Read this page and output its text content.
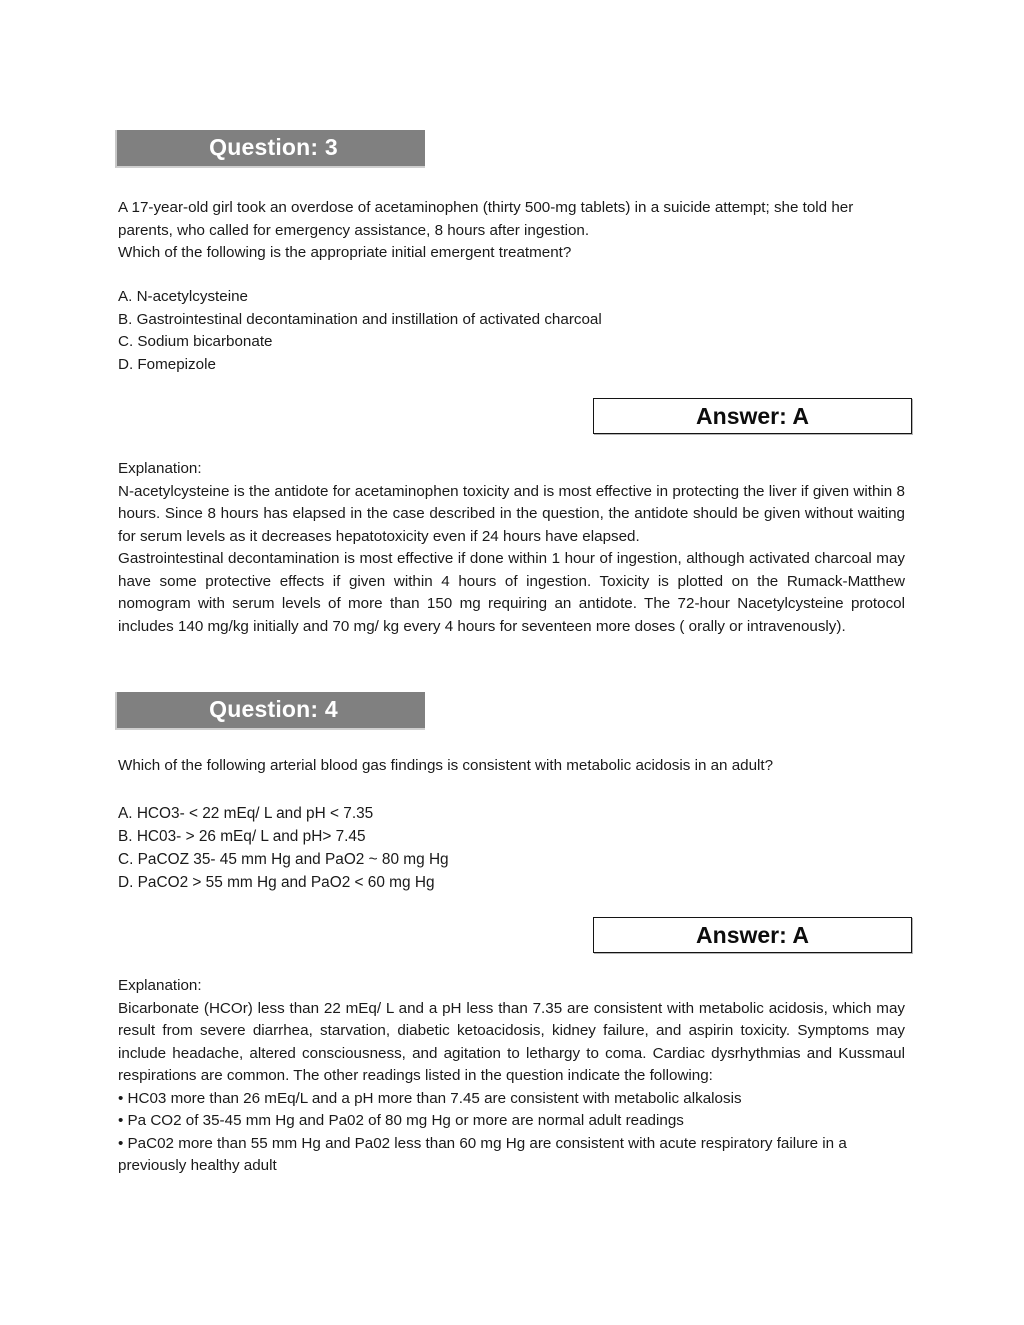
Question: 3

A 17-year-old girl took an overdose of acetaminophen (thirty 500-mg tablets) in a suicide attempt; she told her parents, who called for emergency assistance, 8 hours after ingestion.

Which of the following is the appropriate initial emergent treatment?

A. N-acetylcysteine

B. Gastrointestinal decontamination and instillation of activated charcoal

C. Sodium bicarbonate

D. Fomepizole

Answer: A

Explanation:

N-acetylcysteine is the antidote for acetaminophen toxicity and is most effective in protecting the liver if given within 8 hours. Since 8 hours has elapsed in the case described in the question, the antidote should be given without waiting for serum levels as it decreases hepatotoxicity even if 24 hours have elapsed.

Gastrointestinal decontamination is most effective if done within 1 hour of ingestion, although activated charcoal may have some protective effects if given within 4 hours of ingestion. Toxicity is plotted on the Rumack-Matthew nomogram with serum levels of more than 150 mg requiring an antidote. The 72-hour Nacetylcysteine protocol includes 140 mg/kg initially and 70 mg/ kg every 4 hours for seventeen more doses ( orally or intravenously).

Question: 4

Which of the following arterial blood gas findings is consistent with metabolic acidosis in an adult?

A. HCO3- < 22 mEq/ L and pH < 7.35

B. HC03- > 26 mEq/ L and pH> 7.45

C. PaCOZ 35- 45 mm Hg and PaO2 ~ 80 mg Hg

D. PaCO2 > 55 mm Hg and PaO2 < 60 mg Hg

Answer: A

Explanation:

Bicarbonate (HCOr) less than 22 mEq/ L and a pH less than 7.35 are consistent with metabolic acidosis, which may result from severe diarrhea, starvation, diabetic ketoacidosis, kidney failure, and aspirin toxicity. Symptoms may include headache, altered consciousness, and agitation to lethargy to coma. Cardiac dysrhythmias and Kussmaul respirations are common. The other readings listed in the question indicate the following:

• HC03 more than 26 mEq/L and a pH more than 7.45 are consistent with metabolic alkalosis

• Pa CO2 of 35-45 mm Hg and Pa02 of 80 mg Hg or more are normal adult readings

• PaC02 more than 55 mm Hg and Pa02 less than 60 mg Hg are consistent with acute respiratory failure in a previously healthy adult
